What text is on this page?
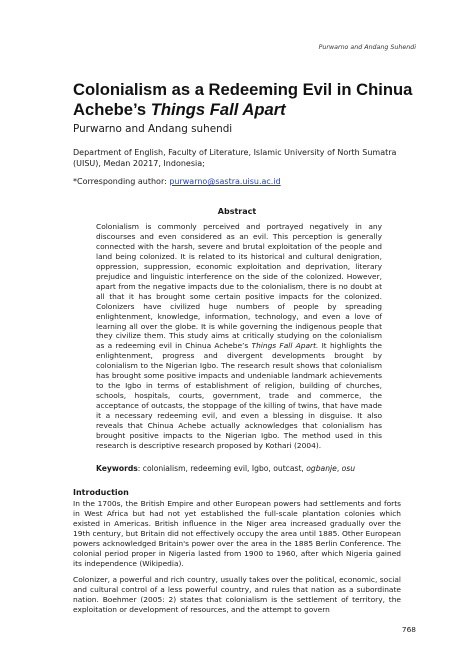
Purwarno and Andang Suhendi
Colonialism as a Redeeming Evil in Chinua Achebe’s Things Fall Apart
Purwarno and Andang suhendi
Department of English, Faculty of Literature, Islamic University of North Sumatra (UISU), Medan 20217, Indonesia;
*Corresponding author: purwarno@sastra.uisu.ac.id
Abstract

Colonialism is commonly perceived and portrayed negatively in any discourses and even considered as an evil. This perception is generally connected with the harsh, severe and brutal exploitation of the people and land being colonized. It is related to its historical and cultural denigration, oppression, suppression, economic exploitation and deprivation, literary prejudice and linguistic interference on the side of the colonized. However, apart from the negative impacts due to the colonialism, there is no doubt at all that it has brought some certain positive impacts for the colonized. Colonizers have civilized huge numbers of people by spreading enlightenment, knowledge, information, technology, and even a love of learning all over the globe. It is while governing the indigenous people that they civilize them. This study aims at critically studying on the colonialism as a redeeming evil in Chinua Achebe’s Things Fall Apart. It highlights the enlightenment, progress and divergent developments brought by colonialism to the Nigerian Igbo. The research result shows that colonialism has brought some positive impacts and undeniable landmark achievements to the Igbo in terms of establishment of religion, building of churches, schools, hospitals, courts, government, trade and commerce, the acceptance of outcasts, the stoppage of the killing of twins, that have made it a necessary redeeming evil, and even a blessing in disguise. It also reveals that Chinua Achebe actually acknowledges that colonialism has brought positive impacts to the Nigerian Igbo. The method used in this research is descriptive research proposed by Kothari (2004).

Keywords: colonialism, redeeming evil, Igbo, outcast, ogbanje, osu
Introduction

In the 1700s, the British Empire and other European powers had settlements and forts in West Africa but had not yet established the full-scale plantation colonies which existed in Americas. British influence in the Niger area increased gradually over the 19th century, but Britain did not effectively occupy the area until 1885. Other European powers acknowledged Britain's power over the area in the 1885 Berlin Conference. The colonial period proper in Nigeria lasted from 1900 to 1960, after which Nigeria gained its independence (Wikipedia).

Colonizer, a powerful and rich country, usually takes over the political, economic, social and cultural control of a less powerful country, and rules that nation as a subordinate nation. Boehmer (2005: 2) states that colonialism is the settlement of territory, the exploitation or development of resources, and the attempt to govern

768
